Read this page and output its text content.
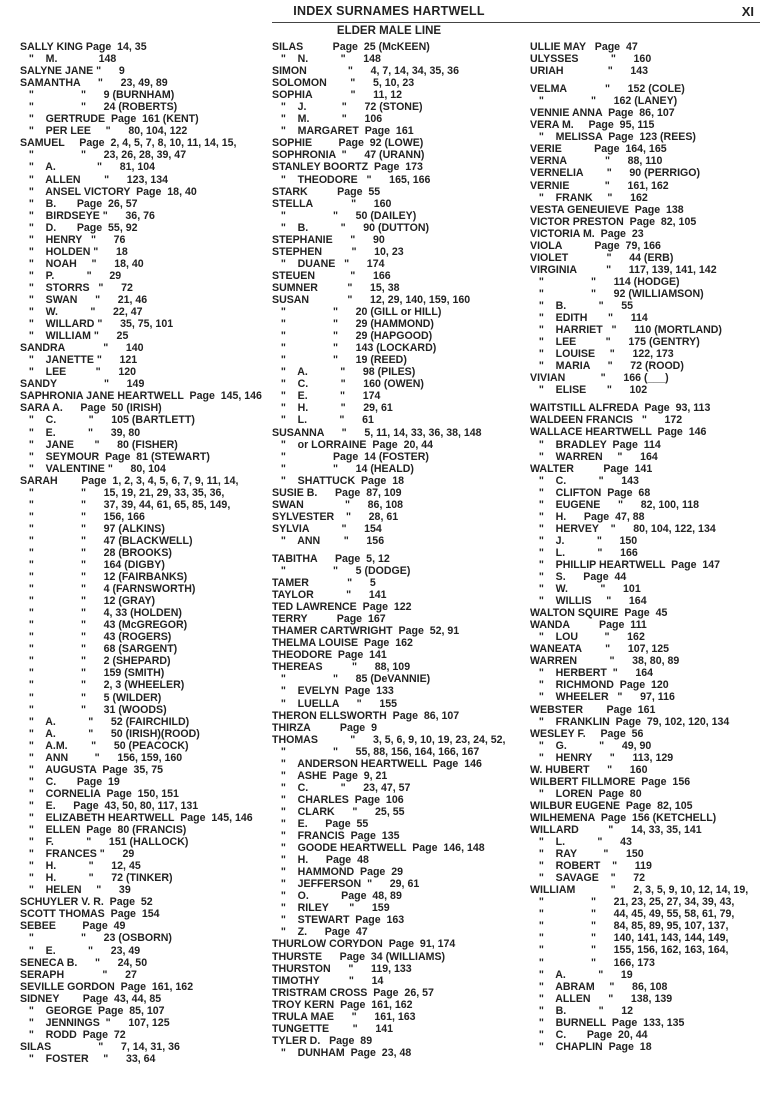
INDEX SURNAMES HARTWELL	XI
ELDER MALE LINE
SALLY KING Page  14, 35
"    M.              148
SALYNE JANE "      9
SAMANTHA      "      23, 49, 89
"                "      9 (BURNHAM)
"                "      24 (ROBERTS)
"    GERTRUDE  Page  161 (KENT)
"    PER LEE     "      80, 104, 122
SAMUEL     Page  2, 4, 5, 7, 8, 10, 11, 14, 15,
"                "      23, 26, 28, 39, 47
"    A.              "      81, 104
"    ALLEN        "      123, 134
"    ANSEL VICTORY  Page  18, 40
"    B.       Page  26, 57
"    BIRDSEYE "      36, 76
"    D.       Page  55, 92
"    HENRY   "      76
"    HOLDEN "      18
"    NOAH     "      18, 40
"    P.           "      29
"    STORRS   "      72
"    SWAN      "      21, 46
"    W.           "      22, 47
"    WILLARD "      35, 75, 101
"    WILLIAM "      25
SANDRA             "      140
"    JANETTE "      121
"    LEE          "      120
SANDY                "      149
SAPHRONIA JANE HEARTWELL  Page  145, 146
SARA A.      Page  50 (IRISH)
"    C.           "      105 (BARTLETT)
"    E.           "      39, 80
"    JANE       "      80 (FISHER)
"    SEYMOUR  Page  81 (STEWART)
"    VALENTINE "      80, 104
SARAH        Page  1, 2, 3, 4, 5, 6, 7, 9, 11, 14,
"                "      15, 19, 21, 29, 33, 35, 36,
"                "      37, 39, 44, 61, 65, 85, 149,
"                "      156, 166
"                "      97 (ALKINS)
"                "      47 (BLACKWELL)
"                "      28 (BROOKS)
"                "      164 (DIGBY)
"                "      12 (FAIRBANKS)
"                "      4 (FARNSWORTH)
"                "      12 (GRAY)
"                "      4, 33 (HOLDEN)
"                "      43 (McGREGOR)
"                "      43 (ROGERS)
"                "      68 (SARGENT)
"                "      2 (SHEPARD)
"                "      159 (SMITH)
"                "      2, 3 (WHEELER)
"                "      5 (WILDER)
"                "      31 (WOODS)
"    A.           "      52 (FAIRCHILD)
"    A.           "      50 (IRISH)(ROOD)
"    A.M.        "      50 (PEACOCK)
"    ANN         "      156, 159, 160
"    AUGUSTA  Page  35, 75
"    C.       Page  19
"    CORNELIA  Page  150, 151
"    E.      Page  43, 50, 80, 117, 131
"    ELIZABETH HEARTWELL  Page  145, 146
"    ELLEN  Page  80 (FRANCIS)
"    F.           "      151 (HALLOCK)
"    FRANCES "      29
"    H.           "      12, 45
"    H.           "      72 (TINKER)
"    HELEN     "      39
SCHUYLER V. R.  Page  52
SCOTT THOMAS  Page  154
SEBEE         Page  49
"                "      23 (OSBORN)
"    E.           "      23, 49
SENECA B.      "      24, 50
SERAPH             "      27
SEVILLE GORDON  Page  161, 162
SIDNEY        Page  43, 44, 85
"    GEORGE  Page  85, 107
"    JENNINGS  "      107, 125
"    RODD  Page  72
SILAS                "      7, 14, 31, 36
"    FOSTER     "      33, 64
SILAS          Page  25 (McKEEN)
"    N.           "      148
SIMON              "      4, 7, 14, 34, 35, 36
SOLOMON        "      5, 10, 23
SOPHIA             "      11, 12
"    J.            "      72 (STONE)
"    M.           "      106
"    MARGARET  Page  161
SOPHIE         Page  92 (LOWE)
SOPHRONIA  "      47 (URANN)
STANLEY BOORTZ  Page  173
"    THEODORE   "      165, 166
STARK          Page  55
STELLA             "      160
"                "      50 (DAILEY)
"    B.           "      90 (DUTTON)
STEPHANIE      "      90
STEPHEN          "      10, 23
"    DUANE   "      174
STEUEN            "      166
SUMNER          "      15, 38
SUSAN             "      12, 29, 140, 159, 160
"                "      20 (GILL or HILL)
"                "      29 (HAMMOND)
"                "      29 (HAPGOOD)
"                "      143 (LOCKARD)
"                "      19 (REED)
"    A.           "      98 (PILES)
"    C.           "      160 (OWEN)
"    E.           "      174
"    H.           "      29, 61
"    L.           "      61
SUSANNA      "      5, 11, 14, 33, 36, 38, 148
"    or LORRAINE  Page  20, 44
"                Page  14 (FOSTER)
"                "      14 (HEALD)
"    SHATTUCK  Page  18
SUSIE B.      Page  87, 109
SWAN              "      86, 108
SYLVESTER    "      28, 61
SYLVIA           "      154
"    ANN        "      156
TABITHA      Page  5, 12
"                "      5 (DODGE)
TAMER             "      5
TAYLOR           "      141
TED LAWRENCE  Page  122
TERRY          Page  167
THAMER CARTWRIGHT  Page  52, 91
THELMA LOUISE  Page  162
THEODORE  Page  141
THEREAS          "      88, 109
"                "      85 (DeVANNIE)
"    EVELYN  Page  133
"    LUELLA      "      155
THERON ELLSWORTH  Page  86, 107
THIRZA          Page  9
THOMAS           "      3, 5, 6, 9, 10, 19, 23, 24, 52,
"                "      55, 88, 156, 164, 166, 167
"    ANDERSON HEARTWELL  Page  146
"    ASHE  Page  9, 21
"    C.           "      23, 47, 57
"    CHARLES  Page  106
"    CLARK      "      25, 55
"    E.      Page  55
"    FRANCIS  Page  135
"    GOODE HEARTWELL  Page  146, 148
"    H.      Page  48
"    HAMMOND  Page  29
"    JEFFERSON  "      29, 61
"    O.           Page  48, 89
"    RILEY       "      159
"    STEWART  Page  163
"    Z.      Page  47
THURLOW CORYDON  Page  91, 174
THURSTE      Page  34 (WILLIAMS)
THURSTON      "      119, 133
TIMOTHY          "      14
TRISTRAM CROSS  Page  26, 57
TROY KERN  Page  161, 162
TRULA MAE      "      161, 163
TUNGETTE        "      141
TYLER D.   Page  89
"    DUNHAM  Page  23, 48
ULLIE MAY   Page  47
ULYSSES           "      160
URIAH               "      143
VELMA             "      152 (COLE)
"                "      162 (LANEY)
VENNIE ANNA  Page  86, 107
VERA M.     Page  95, 115
"    MELISSA  Page  123 (REES)
VERIE           Page  164, 165
VERNA             "      88, 110
VERNELIA        "      90 (PERRIGO)
VERNIE            "      161, 162
"    FRANK     "      162
VESTA GENEUIEVE  Page  138
VICTOR PRESTON  Page  82, 105
VICTORIA M.  Page  23
VIOLA           Page  79, 166
VIOLET             "      44 (ERB)
VIRGINIA          "      117, 139, 141, 142
"                "      114 (HODGE)
"                "      92 (WILLIAMSON)
"    B.           "      55
"    EDITH       "      114
"    HARRIET   "      110 (MORTLAND)
"    LEE          "      175 (GENTRY)
"    LOUISE     "      122, 173
"    MARIA      "      72 (ROOD)
VIVIAN            "      166 (___)
"    ELISE       "      102
WAITSTILL ALFREDA  Page  93, 113
WALDEEN FRANCIS   "      172
WALLACE HEARTWELL  Page  146
"    BRADLEY  Page  114
"    WARREN     "      164
WALTER          Page  141
"    C.           "      143
"    CLIFTON  Page  68
"    EUGENE      "      82, 100, 118
"    H.      Page  47, 88
"    HERVEY    "      80, 104, 122, 134
"    J.           "      150
"    L.           "      166
"    PHILLIP HEARTWELL  Page  147
"    S.      Page  44
"    W.           "      101
"    WILLIS     "      164
WALTON SQUIRE  Page  45
WANDA          Page  111
"    LOU         "      162
WANEATA        "      107, 125
WARREN           "      38, 80, 89
"    HERBERT  "      164
"    RICHMOND  Page  120
"    WHEELER   "      97, 116
WEBSTER        Page  161
"    FRANKLIN  Page  79, 102, 120, 134
WESLEY F.     Page  56
"    G.           "      49, 90
"    HENRY      "      113, 129
W. HUBERT      "      160
WILBERT FILLMORE  Page  156
"    LOREN  Page  80
WILBUR EUGENE  Page  82, 105
WILHEMENA  Page  156 (KETCHELL)
WILLARD          "      14, 33, 35, 141
"    L.           "      43
"    RAY         "      150
"    ROBERT    "      119
"    SAVAGE    "      72
WILLIAM            "      2, 3, 5, 9, 10, 12, 14, 19,
"                "      21, 23, 25, 27, 34, 39, 43,
"                "      44, 45, 49, 55, 58, 61, 79,
"                "      84, 85, 89, 95, 107, 137,
"                "      140, 141, 143, 144, 149,
"                "      155, 156, 162, 163, 164,
"                "      166, 173
"    A.           "      19
"    ABRAM     "      86, 108
"    ALLEN      "      138, 139
"    B.           "      12
"    BURNELL  Page  133, 135
"    C.       Page  20, 44
"    CHAPLIN  Page  18
